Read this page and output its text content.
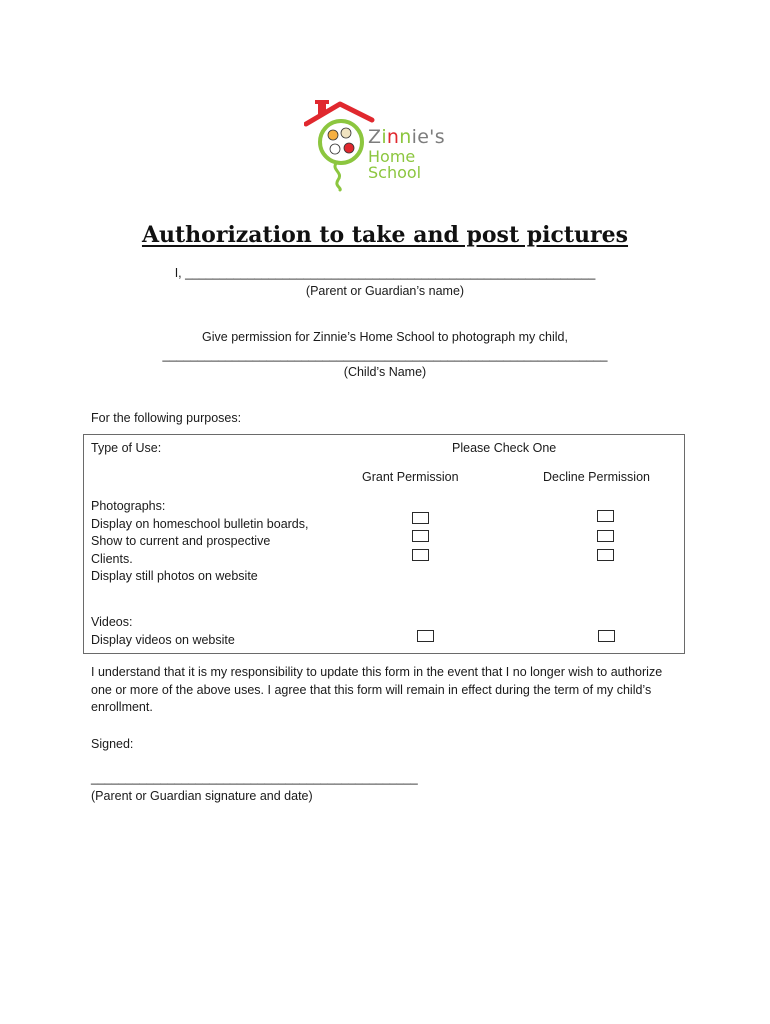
Zinnie's
Home School
Authorization to take and post pictures
I, ___________________________________________________________
(Parent or Guardian’s name)
Give permission for Zinnie’s Home School to photograph my child,
________________________________________________________________
(Child’s Name)
For the following purposes:
Type of Use:	Please Check One
Grant Permission	Decline Permission
Photographs:
Display on homeschool bulletin boards,
Show to current and prospective
Clients.
Display still photos on website
Videos:
Display videos on website
I understand that it is my responsibility to update this form in the event that I no longer wish to authorize one or more of the above uses. I agree that this form will remain in effect during the term of my child’s enrollment.
Signed:
_______________________________________________
(Parent or Guardian signature and date)
